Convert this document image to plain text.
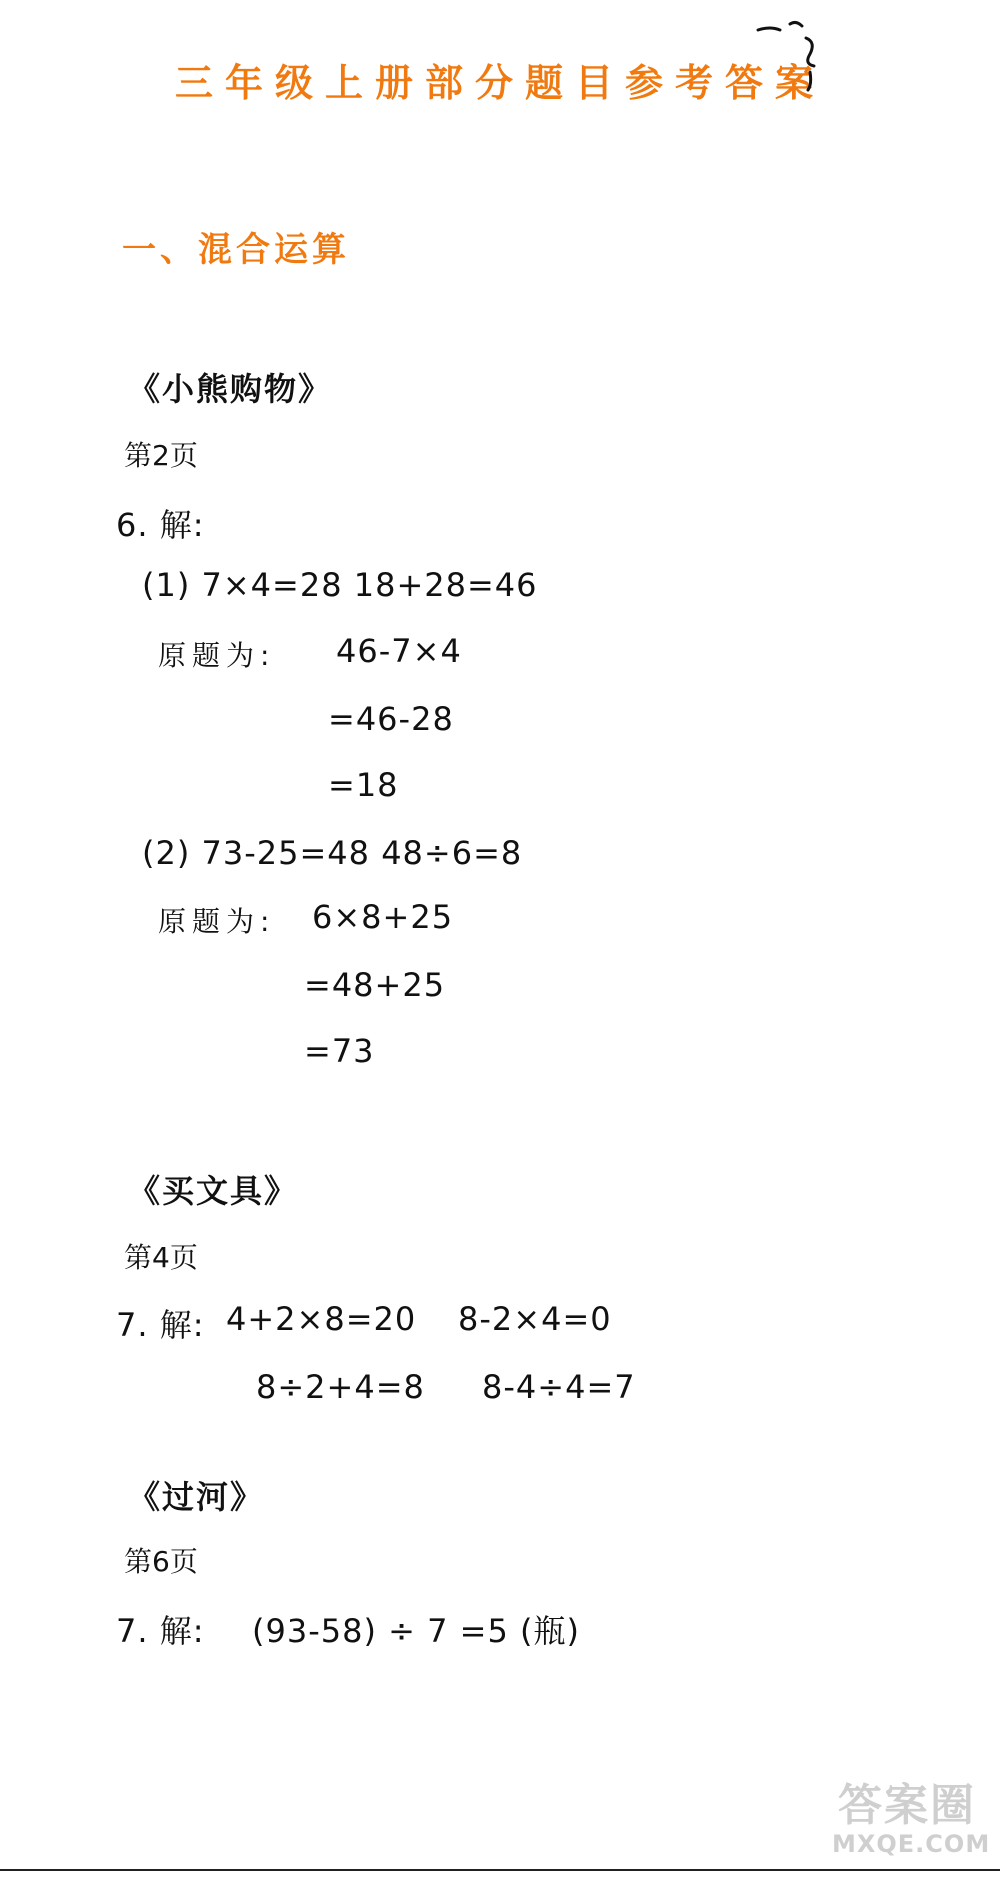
三年级上册部分题目参考答案
一、混合运算
《小熊购物》
第2页
6. 解:
(1) 7×4=28 18+28=46
原题为: 46-7×4
=46-28
=18
(2) 73-25=48 48÷6=8
原题为: 6×8+25
=48+25
=73
《买文具》
第4页
7. 解: 4+2×8=20 8-2×4=0
8÷2+4=8 8-4÷4=7
《过河》
第6页
7. 解: (93-58) ÷ 7 =5 (瓶)
答案圈
MXQE.COM
